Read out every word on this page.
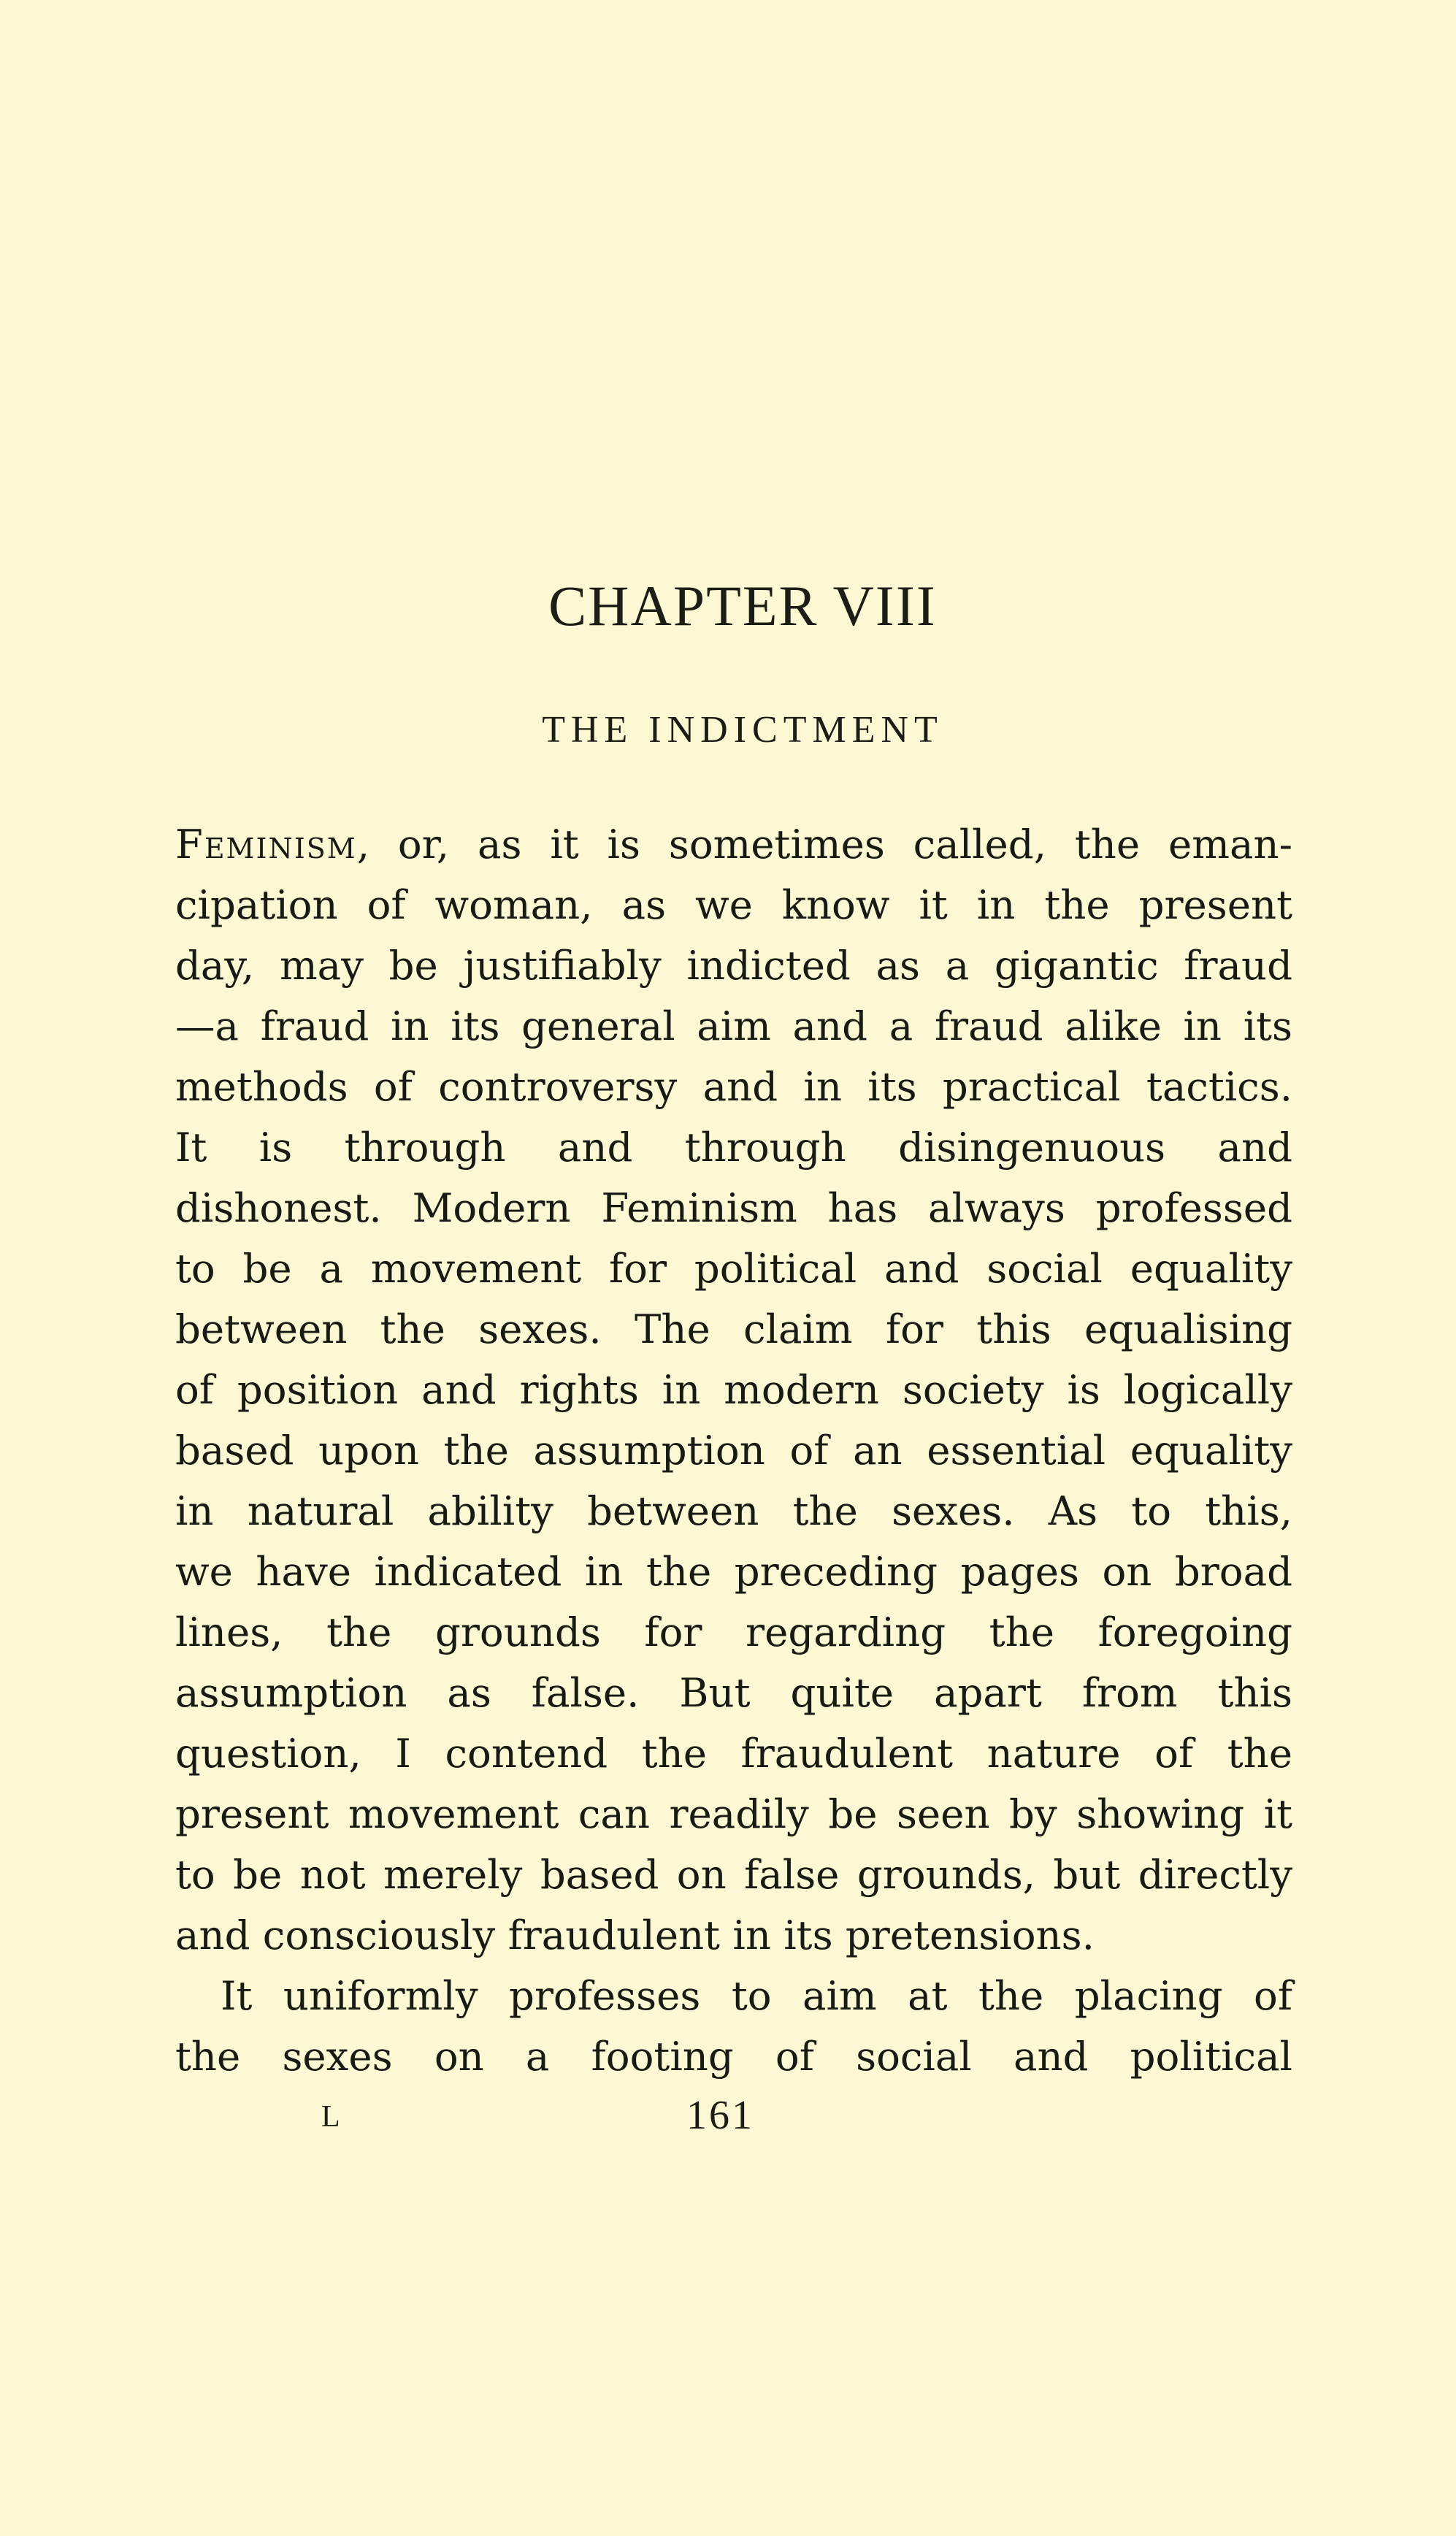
CHAPTER VIII
THE INDICTMENT

Feminism, or, as it is sometimes called, the eman-

cipation of woman, as we know it in the present

day, may be justifiably indicted as a gigantic fraud

—a fraud in its general aim and a fraud alike in its

methods of controversy and in its practical tactics.

It is through and through disingenuous and

dishonest. Modern Feminism has always professed

to be a movement for political and social equality

between the sexes. The claim for this equalising

of position and rights in modern society is logically

based upon the assumption of an essential equality

in natural ability between the sexes. As to this,

we have indicated in the preceding pages on broad

lines, the grounds for regarding the foregoing

assumption as false. But quite apart from this

question, I contend the fraudulent nature of the

present movement can readily be seen by showing it

to be not merely based on false grounds, but directly

and consciously fraudulent in its pretensions.

It uniformly professes to aim at the placing of

the sexes on a footing of social and political

L	161
